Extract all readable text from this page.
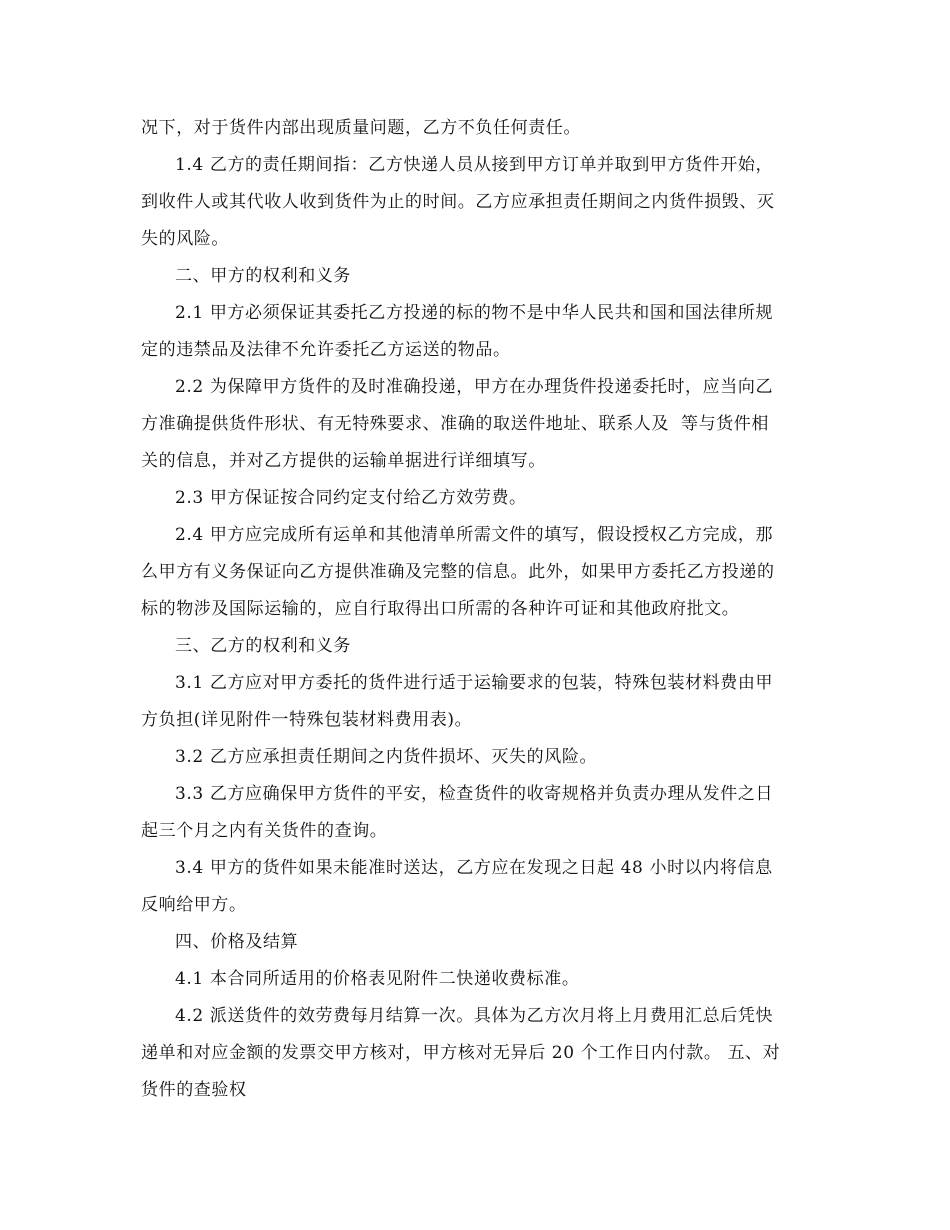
况下，对于货件内部出现质量问题，乙方不负任何责任。
1.4 乙方的责任期间指：乙方快递人员从接到甲方订单并取到甲方货件开始，
到收件人或其代收人收到货件为止的时间。乙方应承担责任期间之内货件损毁、灭
失的风险。
二、甲方的权利和义务
2.1 甲方必须保证其委托乙方投递的标的物不是中华人民共和国和国法律所规
定的违禁品及法律不允许委托乙方运送的物品。
2.2 为保障甲方货件的及时准确投递，甲方在办理货件投递委托时，应当向乙
方准确提供货件形状、有无特殊要求、准确的取送件地址、联系人及  等与货件相
关的信息，并对乙方提供的运输单据进行详细填写。
2.3 甲方保证按合同约定支付给乙方效劳费。
2.4 甲方应完成所有运单和其他清单所需文件的填写，假设授权乙方完成，那
么甲方有义务保证向乙方提供准确及完整的信息。此外，如果甲方委托乙方投递的
标的物涉及国际运输的，应自行取得出口所需的各种许可证和其他政府批文。
三、乙方的权利和义务
3.1 乙方应对甲方委托的货件进行适于运输要求的包装，特殊包装材料费由甲
方负担(详见附件一特殊包装材料费用表)。
3.2 乙方应承担责任期间之内货件损坏、灭失的风险。
3.3 乙方应确保甲方货件的平安，检查货件的收寄规格并负责办理从发件之日
起三个月之内有关货件的查询。
3.4 甲方的货件如果未能准时送达，乙方应在发现之日起 48 小时以内将信息
反响给甲方。
四、价格及结算
4.1 本合同所适用的价格表见附件二快递收费标准。
4.2 派送货件的效劳费每月结算一次。具体为乙方次月将上月费用汇总后凭快
递单和对应金额的发票交甲方核对，甲方核对无异后 20 个工作日内付款。 五、对
货件的查验权
